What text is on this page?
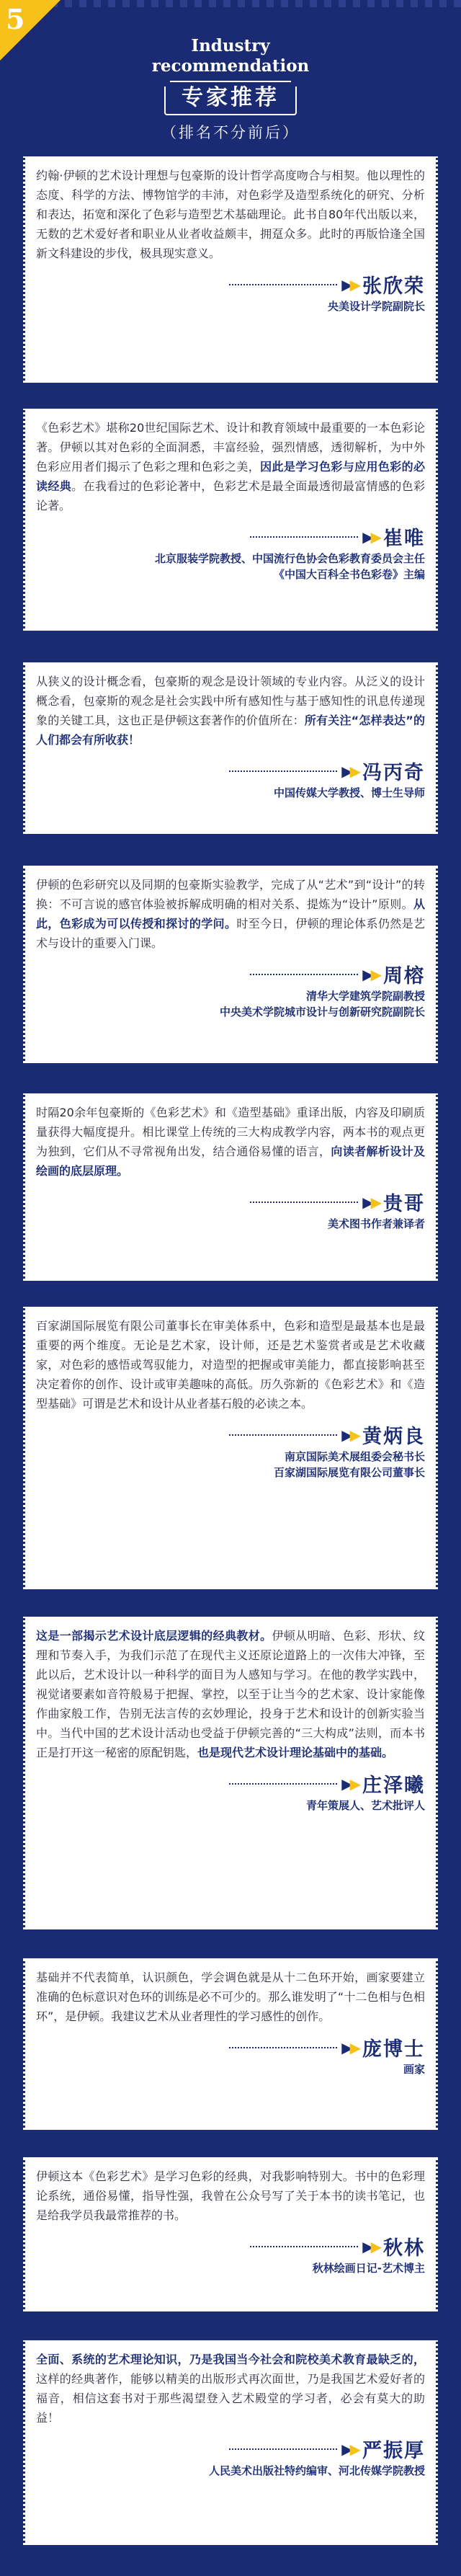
5
Industry
recommendation
专家推荐
（排名不分前后）
约翰·伊顿的艺术设计理想与包豪斯的设计哲学高度吻合与相契。他以理性的态度、科学的方法、博物馆学的丰沛，对色彩学及造型系统化的研究、分析和表达，拓宽和深化了色彩与造型艺术基础理论。此书自80年代出版以来，无数的艺术爱好者和职业从业者收益颇丰，拥趸众多。此时的再版恰逢全国新文科建设的步伐，极具现实意义。
▶▶ 张欣荣
央美设计学院副院长
《色彩艺术》堪称20世纪国际艺术、设计和教育领域中最重要的一本色彩论著。伊顿以其对色彩的全面洞悉，丰富经验，强烈情感，透彻解析，为中外色彩应用者们揭示了色彩之理和色彩之美，因此是学习色彩与应用色彩的必读经典。在我看过的色彩论著中，色彩艺术是最全面最透彻最富情感的色彩论著。
▶▶ 崔唯
北京服装学院教授、中国流行色协会色彩教育委员会主任
《中国大百科全书色彩卷》主编
从狭义的设计概念看，包豪斯的观念是设计领域的专业内容。从泛义的设计概念看，包豪斯的观念是社会实践中所有感知性与基于感知性的讯息传递现象的关键工具，这也正是伊顿这套著作的价值所在：所有关注“怎样表达”的人们都会有所收获！
▶▶ 冯丙奇
中国传媒大学教授、博士生导师
伊顿的色彩研究以及同期的包豪斯实验教学，完成了从“艺术”到“设计”的转换：不可言说的感官体验被拆解成明确的相对关系、提炼为“设计”原则。从此，色彩成为可以传授和探讨的学问。时至今日，伊顿的理论体系仍然是艺术与设计的重要入门课。
▶▶ 周榕
清华大学建筑学院副教授
中央美术学院城市设计与创新研究院副院长
时隔20余年包豪斯的《色彩艺术》和《造型基础》重译出版，内容及印刷质量获得大幅度提升。相比课堂上传统的三大构成教学内容，两本书的观点更为独到，它们从不寻常视角出发，结合通俗易懂的语言，向读者解析设计及绘画的底层原理。
▶▶ 贵哥
美术图书作者兼译者
百家湖国际展览有限公司董事长在审美体系中，色彩和造型是最基本也是最重要的两个维度。无论是艺术家，设计师，还是艺术鉴赏者或是艺术收藏家，对色彩的感悟或驾驭能力，对造型的把握或审美能力，都直接影响甚至决定着你的创作、设计或审美趣味的高低。历久弥新的《色彩艺术》和《造型基础》可谓是艺术和设计从业者基石般的必读之本。
▶▶ 黄炳良
南京国际美术展组委会秘书长
百家湖国际展览有限公司董事长
这是一部揭示艺术设计底层逻辑的经典教材。伊顿从明暗、色彩、形状、纹理和节奏入手，为我们示范了在现代主义还原论道路上的一次伟大冲锋，至此以后，艺术设计以一种科学的面目为人感知与学习。在他的教学实践中，视觉诸要素如音符般易于把握、掌控，以至于让当今的艺术家、设计家能像作曲家般工作，告别无法言传的玄妙理论，投身于艺术和设计的创新实验当中。当代中国的艺术设计活动也受益于伊顿完善的“三大构成”法则，而本书正是打开这一秘密的原配钥匙，也是现代艺术设计理论基础中的基础。
▶▶ 庄泽曦
青年策展人、艺术批评人
基础并不代表简单，认识颜色，学会调色就是从十二色环开始，画家要建立准确的色标意识对色环的训练是必不可少的。那么谁发明了“十二色相与色相环”，是伊顿。我建议艺术从业者理性的学习感性的创作。
▶▶ 庞博士
画家
伊顿这本《色彩艺术》是学习色彩的经典，对我影响特别大。书中的色彩理论系统，通俗易懂，指导性强，我曾在公众号写了关于本书的读书笔记，也是给我学员我最常推荐的书。
▶▶ 秋林
秋林绘画日记-艺术博主
全面、系统的艺术理论知识，乃是我国当今社会和院校美术教育最缺乏的，这样的经典著作，能够以精美的出版形式再次面世，乃是我国艺术爱好者的福音，相信这套书对于那些渴望登入艺术殿堂的学习者，必会有莫大的助益！
▶▶ 严振厚
人民美术出版社特约编审、河北传媒学院教授
